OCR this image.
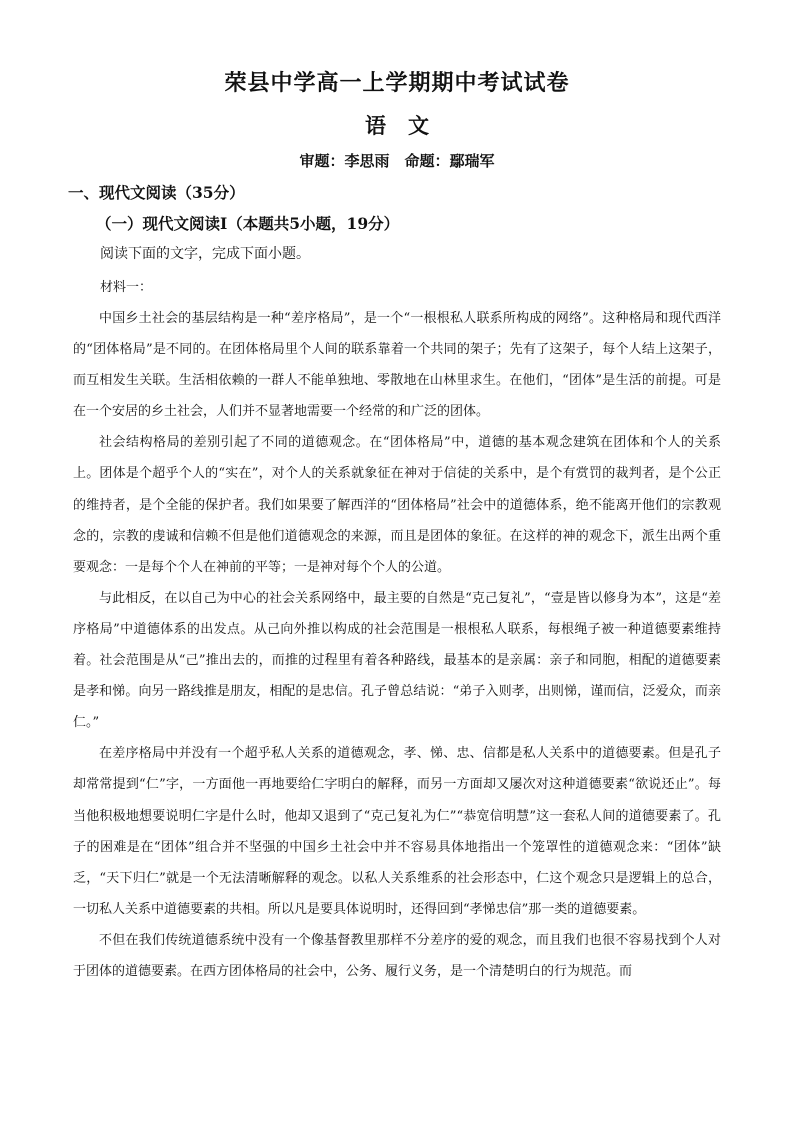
荣县中学高一上学期期中考试试卷
语文
审题：李思雨　命题：鄢瑞军
一、现代文阅读（35分）
（一）现代文阅读Ⅰ（本题共5小题，19分）
阅读下面的文字，完成下面小题。
材料一：

中国乡土社会的基层结构是一种“差序格局”，是一个“一根根私人联系所构成的网络”。这种格局和现代西洋的“团体格局”是不同的。在团体格局里个人间的联系靠着一个共同的架子；先有了这架子，每个人结上这架子，而互相发生关联。生活相依赖的一群人不能单独地、零散地在山林里求生。在他们，“团体”是生活的前提。可是在一个安居的乡土社会，人们并不显著地需要一个经常的和广泛的团体。

社会结构格局的差别引起了不同的道德观念。在“团体格局”中，道德的基本观念建筑在团体和个人的关系上。团体是个超乎个人的“实在”，对个人的关系就象征在神对于信徒的关系中，是个有赏罚的裁判者，是个公正的维持者，是个全能的保护者。我们如果要了解西洋的“团体格局”社会中的道德体系，绝不能离开他们的宗教观念的，宗教的虔诚和信赖不但是他们道德观念的来源，而且是团体的象征。在这样的神的观念下，派生出两个重要观念：一是每个个人在神前的平等；一是神对每个个人的公道。

与此相反，在以自己为中心的社会关系网络中，最主要的自然是“克己复礼”，“壹是皆以修身为本”，这是“差序格局”中道德体系的出发点。从己向外推以构成的社会范围是一根根私人联系，每根绳子被一种道德要素维持着。社会范围是从“己”推出去的，而推的过程里有着各种路线，最基本的是亲属：亲子和同胞，相配的道德要素是孝和悌。向另一路线推是朋友，相配的是忠信。孔子曾总结说：“弟子入则孝，出则悌，谨而信，泛爱众，而亲仁。”

在差序格局中并没有一个超乎私人关系的道德观念，孝、悌、忠、信都是私人关系中的道德要素。但是孔子却常常提到“仁”字，一方面他一再地要给仁字明白的解释，而另一方面却又屡次对这种道德要素“欲说还止”。每当他积极地想要说明仁字是什么时，他却又退到了“克己复礼为仁”“恭宽信明慧”这一套私人间的道德要素了。孔子的困难是在“团体”组合并不坚强的中国乡土社会中并不容易具体地指出一个笼罩性的道德观念来：“团体”缺乏，“天下归仁”就是一个无法清晰解释的观念。以私人关系维系的社会形态中，仁这个观念只是逻辑上的总合，一切私人关系中道德要素的共相。所以凡是要具体说明时，还得回到“孝悌忠信”那一类的道德要素。

不但在我们传统道德系统中没有一个像基督教里那样不分差序的爱的观念，而且我们也很不容易找到个人对于团体的道德要素。在西方团体格局的社会中，公务、履行义务，是一个清楚明白的行为规范。而
